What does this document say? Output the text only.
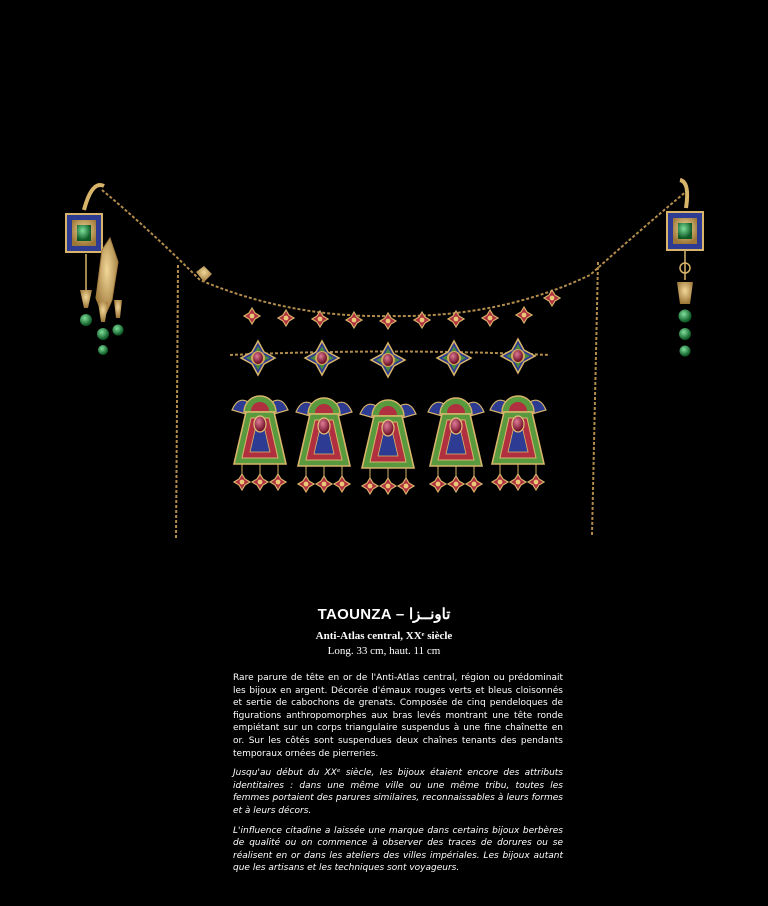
TAOUNZA – تاونــزا

Anti-Atlas central, XXᵉ siècle

Long. 33 cm, haut. 11 cm

Rare parure de tête en or de l'Anti-Atlas central, région ou prédominait les bijoux en argent. Décorée d'émaux rouges verts et bleus cloisonnés et sertie de cabochons de grenats. Composée de cinq pendeloques de figurations anthropomorphes aux bras levés montrant une tête ronde empiétant sur un corps triangulaire suspendus à une fine chaînette en or. Sur les côtés sont suspendues deux chaînes tenants des pendants temporaux ornées de pierreries.

Jusqu'au début du XXᵉ siècle, les bijoux étaient encore des attributs identitaires : dans une même ville ou une même tribu, toutes les femmes portaient des parures similaires, reconnaissables à leurs formes et à leurs décors.

L'influence citadine a laissée une marque dans certains bijoux berbères de qualité ou on commence à observer des traces de dorures ou se réalisent en or dans les ateliers des villes impériales. Les bijoux autant que les artisans et les techniques sont voyageurs.
